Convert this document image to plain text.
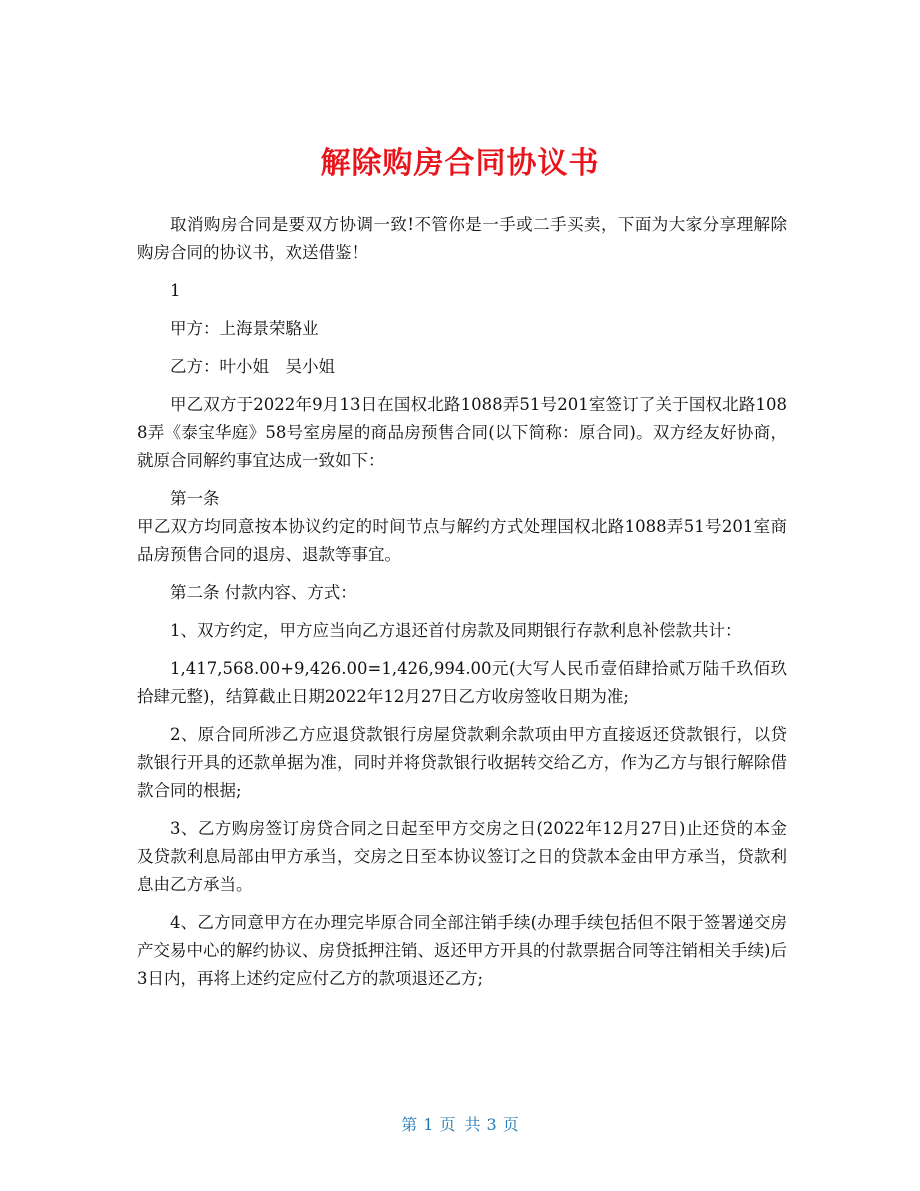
解除购房合同协议书

取消购房合同是要双方协调一致!不管你是一手或二手买卖，下面为大家分享理解除购房合同的协议书，欢送借鉴！

1

甲方：上海景荣駱业

乙方：叶小姐　吴小姐

甲乙双方于2022年9月13日在国权北路1088弄51号201室签订了关于国权北路1088弄《泰宝华庭》58号室房屋的商品房预售合同(以下简称：原合同)。双方经友好协商，就原合同解约事宜达成一致如下：

第一条

甲乙双方均同意按本协议约定的时间节点与解约方式处理国权北路1088弄51号201室商品房预售合同的退房、退款等事宜。

第二条 付款内容、方式：

1、双方约定，甲方应当向乙方退还首付房款及同期银行存款利息补偿款共计：

1,417,568.00+9,426.00=1,426,994.00元(大写人民币壹佰肆拾贰万陆千玖佰玖拾肆元整)，结算截止日期2022年12月27日乙方收房签收日期为准;

2、原合同所涉乙方应退贷款银行房屋贷款剩余款项由甲方直接返还贷款银行，以贷款银行开具的还款单据为准，同时并将贷款银行收据转交给乙方，作为乙方与银行解除借款合同的根据;

3、乙方购房签订房贷合同之日起至甲方交房之日(2022年12月27日)止还贷的本金及贷款利息局部由甲方承当，交房之日至本协议签订之日的贷款本金由甲方承当，贷款利息由乙方承当。

4、乙方同意甲方在办理完毕原合同全部注销手续(办理手续包括但不限于签署递交房产交易中心的解约协议、房贷抵押注销、返还甲方开具的付款票据合同等注销相关手续)后3日内，再将上述约定应付乙方的款项退还乙方;

第 1 页 共 3 页
